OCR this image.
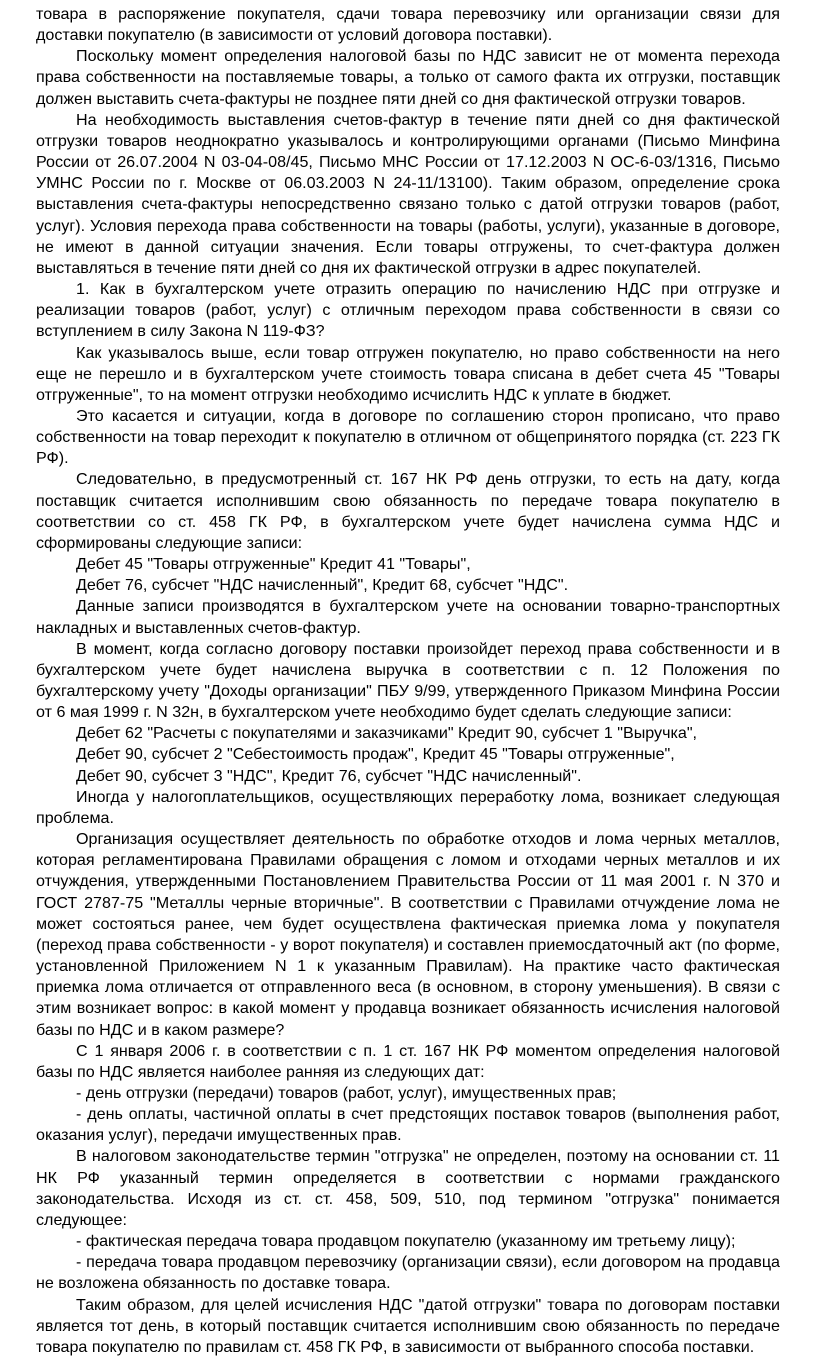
товара в распоряжение покупателя, сдачи товара перевозчику или организации связи для доставки покупателю (в зависимости от условий договора поставки).

Поскольку момент определения налоговой базы по НДС зависит не от момента перехода права собственности на поставляемые товары, а только от самого факта их отгрузки, поставщик должен выставить счета-фактуры не позднее пяти дней со дня фактической отгрузки товаров.

На необходимость выставления счетов-фактур в течение пяти дней со дня фактической отгрузки товаров неоднократно указывалось и контролирующими органами (Письмо Минфина России от 26.07.2004 N 03-04-08/45, Письмо МНС России от 17.12.2003 N ОС-6-03/1316, Письмо УМНС России по г. Москве от 06.03.2003 N 24-11/13100). Таким образом, определение срока выставления счета-фактуры непосредственно связано только с датой отгрузки товаров (работ, услуг). Условия перехода права собственности на товары (работы, услуги), указанные в договоре, не имеют в данной ситуации значения. Если товары отгружены, то счет-фактура должен выставляться в течение пяти дней со дня их фактической отгрузки в адрес покупателей.

1. Как в бухгалтерском учете отразить операцию по начислению НДС при отгрузке и реализации товаров (работ, услуг) с отличным переходом права собственности в связи со вступлением в силу Закона N 119-ФЗ?

Как указывалось выше, если товар отгружен покупателю, но право собственности на него еще не перешло и в бухгалтерском учете стоимость товара списана в дебет счета 45 "Товары отгруженные", то на момент отгрузки необходимо исчислить НДС к уплате в бюджет.

Это касается и ситуации, когда в договоре по соглашению сторон прописано, что право собственности на товар переходит к покупателю в отличном от общепринятого порядка (ст. 223 ГК РФ).

Следовательно, в предусмотренный ст. 167 НК РФ день отгрузки, то есть на дату, когда поставщик считается исполнившим свою обязанность по передаче товара покупателю в соответствии со ст. 458 ГК РФ, в бухгалтерском учете будет начислена сумма НДС и сформированы следующие записи:

Дебет 45 "Товары отгруженные" Кредит 41 "Товары",

Дебет 76, субсчет "НДС начисленный", Кредит 68, субсчет "НДС".

Данные записи производятся в бухгалтерском учете на основании товарно-транспортных накладных и выставленных счетов-фактур.

В момент, когда согласно договору поставки произойдет переход права собственности и в бухгалтерском учете будет начислена выручка в соответствии с п. 12 Положения по бухгалтерскому учету "Доходы организации" ПБУ 9/99, утвержденного Приказом Минфина России от 6 мая 1999 г. N 32н, в бухгалтерском учете необходимо будет сделать следующие записи:

Дебет 62 "Расчеты с покупателями и заказчиками" Кредит 90, субсчет 1 "Выручка",

Дебет 90, субсчет 2 "Себестоимость продаж", Кредит 45 "Товары отгруженные",

Дебет 90, субсчет 3 "НДС", Кредит 76, субсчет "НДС начисленный".

Иногда у налогоплательщиков, осуществляющих переработку лома, возникает следующая проблема.

Организация осуществляет деятельность по обработке отходов и лома черных металлов, которая регламентирована Правилами обращения с ломом и отходами черных металлов и их отчуждения, утвержденными Постановлением Правительства России от 11 мая 2001 г. N 370 и ГОСТ 2787-75 "Металлы черные вторичные". В соответствии с Правилами отчуждение лома не может состояться ранее, чем будет осуществлена фактическая приемка лома у покупателя (переход права собственности - у ворот покупателя) и составлен приемосдаточный акт (по форме, установленной Приложением N 1 к указанным Правилам). На практике часто фактическая приемка лома отличается от отправленного веса (в основном, в сторону уменьшения). В связи с этим возникает вопрос: в какой момент у продавца возникает обязанность исчисления налоговой базы по НДС и в каком размере?

С 1 января 2006 г. в соответствии с п. 1 ст. 167 НК РФ моментом определения налоговой базы по НДС является наиболее ранняя из следующих дат:

- день отгрузки (передачи) товаров (работ, услуг), имущественных прав;

- день оплаты, частичной оплаты в счет предстоящих поставок товаров (выполнения работ, оказания услуг), передачи имущественных прав.

В налоговом законодательстве термин "отгрузка" не определен, поэтому на основании ст. 11 НК РФ указанный термин определяется в соответствии с нормами гражданского законодательства. Исходя из ст. ст. 458, 509, 510, под термином "отгрузка" понимается следующее:

- фактическая передача товара продавцом покупателю (указанному им третьему лицу);

- передача товара продавцом перевозчику (организации связи), если договором на продавца не возложена обязанность по доставке товара.

Таким образом, для целей исчисления НДС "датой отгрузки" товара по договорам поставки является тот день, в который поставщик считается исполнившим свою обязанность по передаче товара покупателю по правилам ст. 458 ГК РФ, в зависимости от выбранного способа поставки.
